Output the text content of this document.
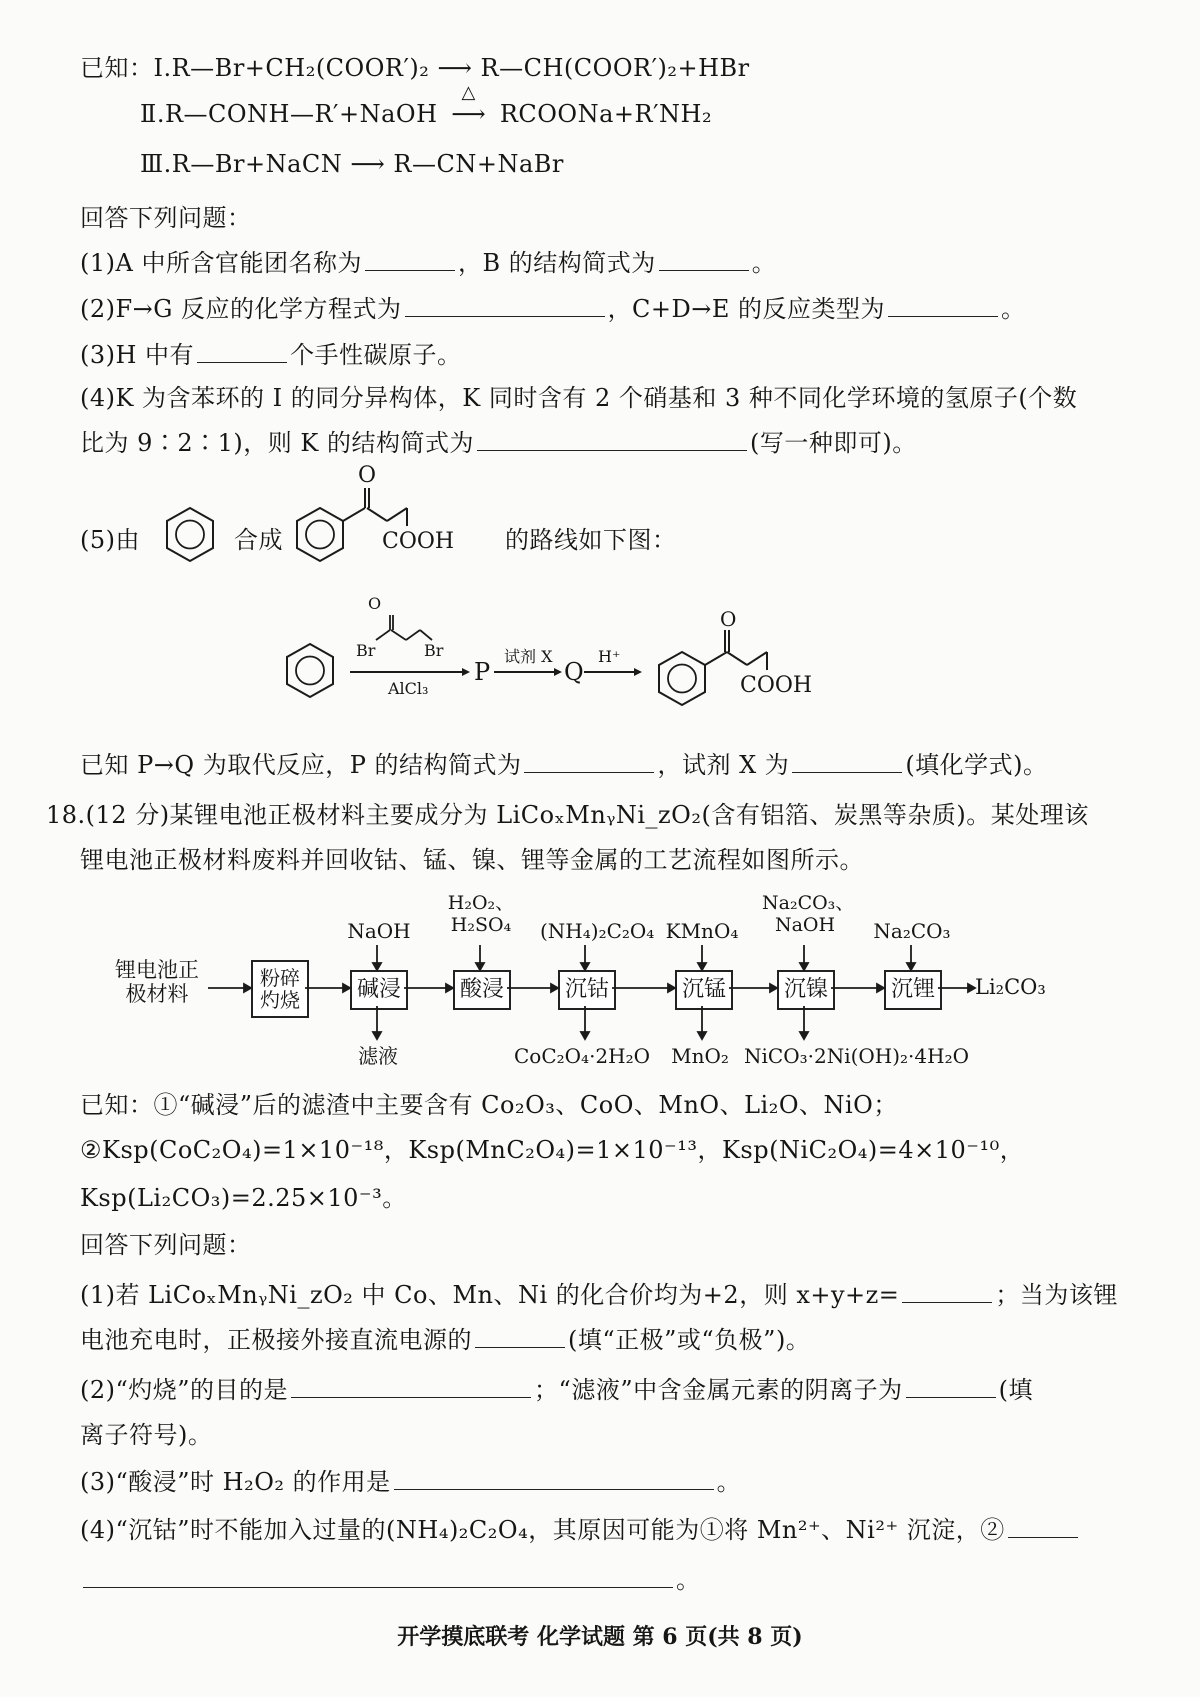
已知：Ⅰ.R—Br+CH₂(COOR′)₂ ⟶ R—CH(COOR′)₂+HBr
Ⅱ.R—CONH—R′+NaOH
△
⟶ RCOONa+R′NH₂
Ⅲ.R—Br+NaCN ⟶ R—CN+NaBr
回答下列问题：
(1)A 中所含官能团名称为	，B 的结构简式为	。
(2)F→G 反应的化学方程式为	，C+D→E 的反应类型为	。
(3)H 中有	个手性碳原子。
(4)K 为含苯环的 I 的同分异构体，K 同时含有 2 个硝基和 3 种不同化学环境的氢原子(个数
比为 9∶2∶1)，则 K 的结构简式为	(写一种即可)。
(5)由	合成
O
COOH 的路线如下图：
Br	Br
O
AlCl₃
P
试剂 X
Q
H⁺
O
COOH
已知 P→Q 为取代反应，P 的结构简式为	，试剂 X 为	(填化学式)。
18.(12 分)某锂电池正极材料主要成分为 LiCoₓMnᵧNi_zO₂(含有铝箔、炭黑等杂质)。某处理该
锂电池正极材料废料并回收钴、锰、镍、锂等金属的工艺流程如图所示。
锂电池正极材料
粉碎灼烧	碱浸	酸浸	沉钴	沉锰	沉镍	沉锂	Li₂CO₃
NaOH
H₂O₂、H₂SO₄ (NH₄)₂C₂O₄ KMnO₄
Na₂CO₃、NaOH	Na₂CO₃
滤液	CoC₂O₄·2H₂O MnO₂ NiCO₃·2Ni(OH)₂·4H₂O
已知：①“碱浸”后的滤渣中主要含有 Co₂O₃、CoO、MnO、Li₂O、NiO；
②Ksp(CoC₂O₄)=1×10⁻¹⁸，Ksp(MnC₂O₄)=1×10⁻¹³，Ksp(NiC₂O₄)=4×10⁻¹⁰，
Ksp(Li₂CO₃)=2.25×10⁻³。
回答下列问题：
(1)若 LiCoₓMnᵧNi_zO₂ 中 Co、Mn、Ni 的化合价均为+2，则 x+y+z=	；当为该锂
电池充电时，正极接外接直流电源的	(填“正极”或“负极”)。
(2)“灼烧”的目的是	；“滤液”中含金属元素的阴离子为	(填
离子符号)。
(3)“酸浸”时 H₂O₂ 的作用是	。
(4)“沉钴”时不能加入过量的(NH₄)₂C₂O₄，其原因可能为①将 Mn²⁺、Ni²⁺ 沉淀，②
。
开学摸底联考 化学试题 第 6 页(共 8 页)
